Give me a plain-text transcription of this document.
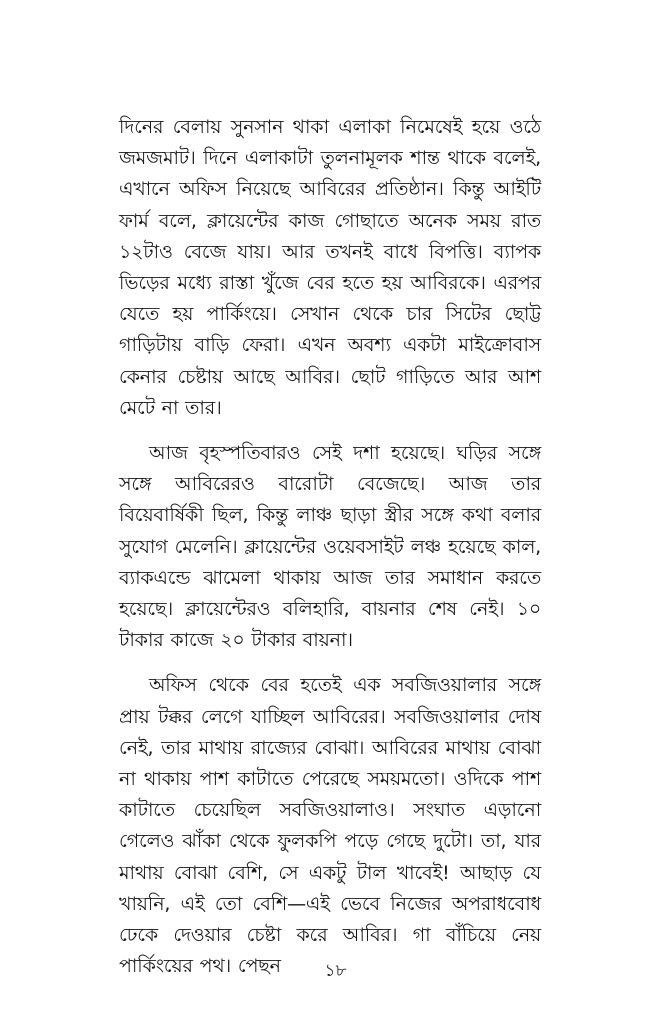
দিনের বেলায় সুনসান থাকা এলাকা নিমেষেই হয়ে ওঠে জমজমাট। দিনে এলাকাটা তুলনামূলক শান্ত থাকে বলেই, এখানে অফিস নিয়েছে আবিরের প্রতিষ্ঠান। কিন্তু আইটি ফার্ম বলে, ক্লায়েন্টের কাজ গোছাতে অনেক সময় রাত ১২টাও বেজে যায়। আর তখনই বাধে বিপত্তি। ব্যাপক ভিড়ের মধ্যে রাস্তা খুঁজে বের হতে হয় আবিরকে। এরপর যেতে হয় পার্কিংয়ে। সেখান থেকে চার সিটের ছোট্ট গাড়িটায় বাড়ি ফেরা। এখন অবশ্য একটা মাইক্রোবাস কেনার চেষ্টায় আছে আবির। ছোট গাড়িতে আর আশ মেটে না তার।

আজ বৃহস্পতিবারও সেই দশা হয়েছে। ঘড়ির সঙ্গে সঙ্গে আবিরেরও বারোটা বেজেছে। আজ তার বিয়েবার্ষিকী ছিল, কিন্তু লাঞ্চ ছাড়া স্ত্রীর সঙ্গে কথা বলার সুযোগ মেলেনি। ক্লায়েন্টের ওয়েবসাইট লঞ্চ হয়েছে কাল, ব্যাকএন্ডে ঝামেলা থাকায় আজ তার সমাধান করতে হয়েছে। ক্লায়েন্টেরও বলিহারি, বায়নার শেষ নেই। ১০ টাকার কাজে ২০ টাকার বায়না।

অফিস থেকে বের হতেই এক সবজিওয়ালার সঙ্গে প্রায় টক্কর লেগে যাচ্ছিল আবিরের। সবজিওয়ালার দোষ নেই, তার মাথায় রাজ্যের বোঝা। আবিরের মাথায় বোঝা না থাকায় পাশ কাটাতে পেরেছে সময়মতো। ওদিকে পাশ কাটাতে চেয়েছিল সবজিওয়ালাও। সংঘাত এড়ানো গেলেও ঝাঁকা থেকে ফুলকপি পড়ে গেছে দুটো। তা, যার মাথায় বোঝা বেশি, সে একটু টাল খাবেই! আছাড় যে খায়নি, এই তো বেশি—এই ভেবে নিজের অপরাধবোধ ঢেকে দেওয়ার চেষ্টা করে আবির। গা বাঁচিয়ে নেয় পার্কিংয়ের পথ। পেছন	১৮
